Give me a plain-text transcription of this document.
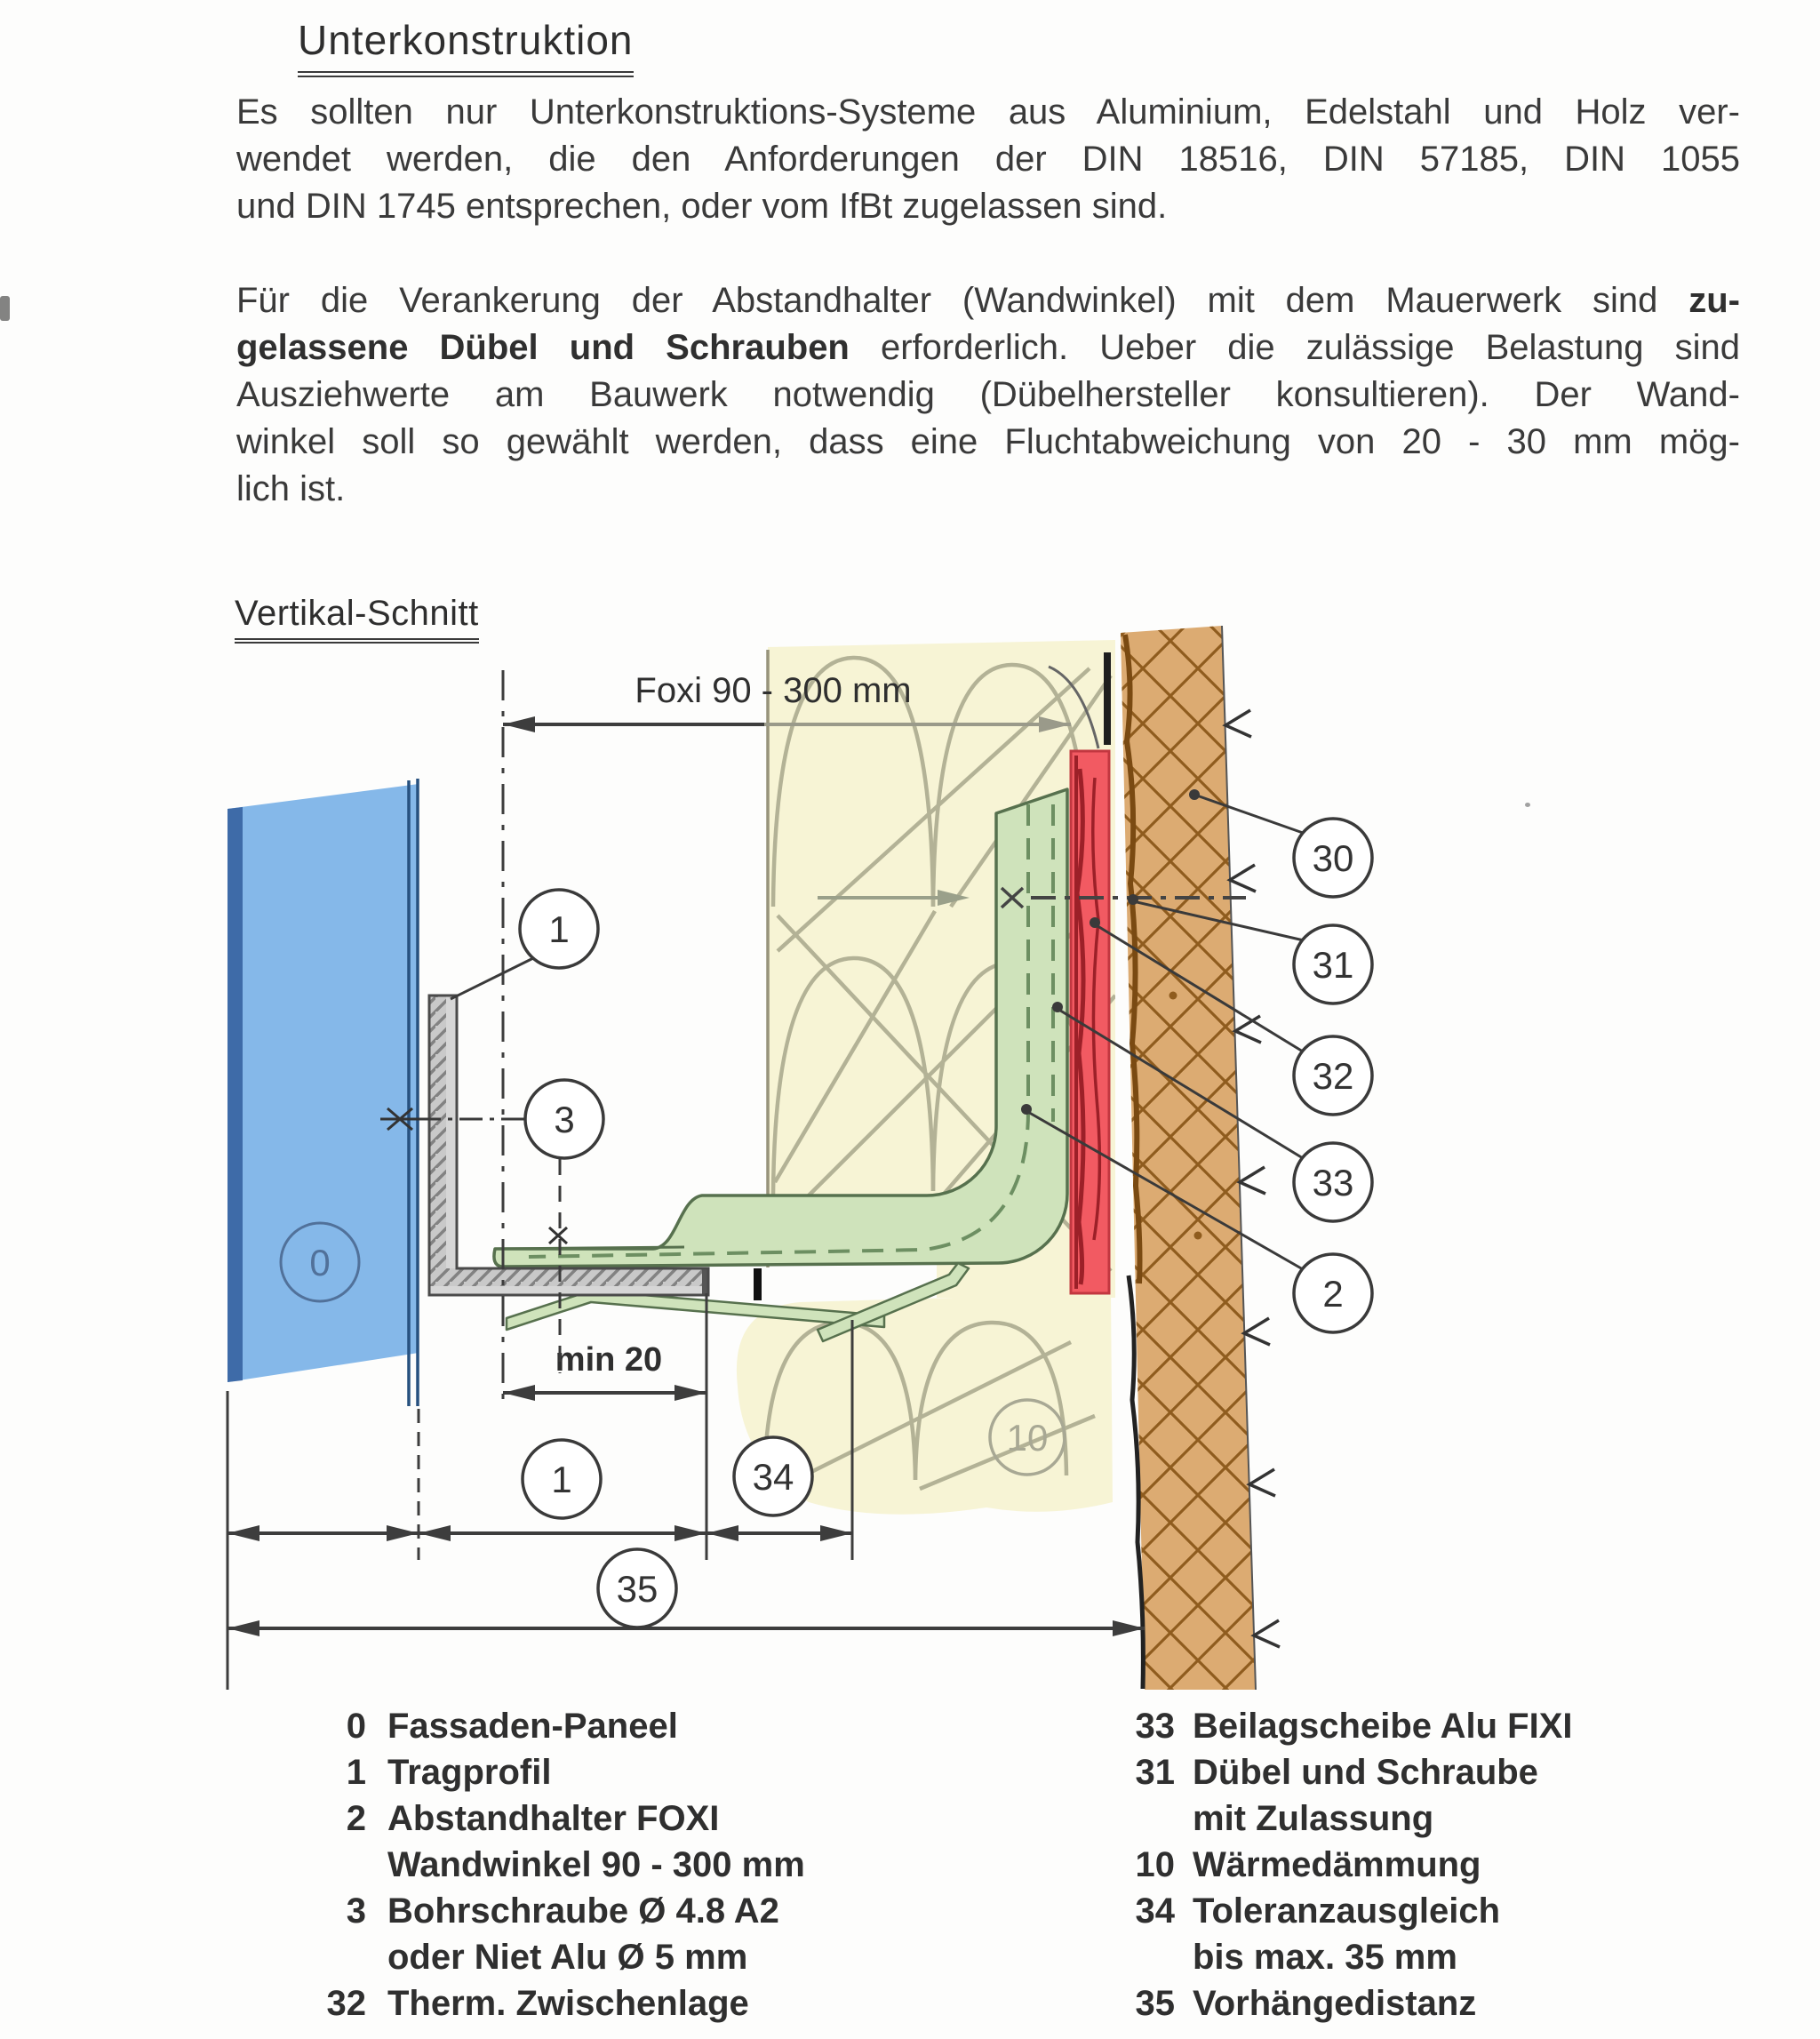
Unterkonstruktion
Es sollten nur Unterkonstruktions-Systeme aus Aluminium, Edelstahl und Holz ver-
wendet werden, die den Anforderungen der DIN 18516, DIN 57185, DIN 1055
und DIN 1745 entsprechen, oder vom IfBt zugelassen sind.
Für die Verankerung der Abstandhalter (Wandwinkel) mit dem Mauerwerk sind zu-
gelassene Dübel und Schrauben erforderlich. Ueber die zulässige Belastung sind
Ausziehwerte am Bauwerk notwendig (Dübelhersteller konsultieren). Der Wand-
winkel soll so gewählt werden, dass eine Fluchtabweichung von 20 - 30 mm mög-
lich ist.
Vertikal-Schnitt
Foxi 90 - 300 mm
min 20
1
3
0
10
1	34
35
30
31
32
33
2
0 Fassaden-Paneel
1 Tragprofil
2 Abstandhalter FOXI
Wandwinkel 90 - 300 mm
3 Bohrschraube Ø 4.8 A2
oder Niet Alu Ø 5 mm
32 Therm. Zwischenlage
33 Beilagscheibe Alu FIXI
31 Dübel und Schraube
mit Zulassung
10 Wärmedämmung
34 Toleranzausgleich
bis max. 35 mm
35 Vorhängedistanz
